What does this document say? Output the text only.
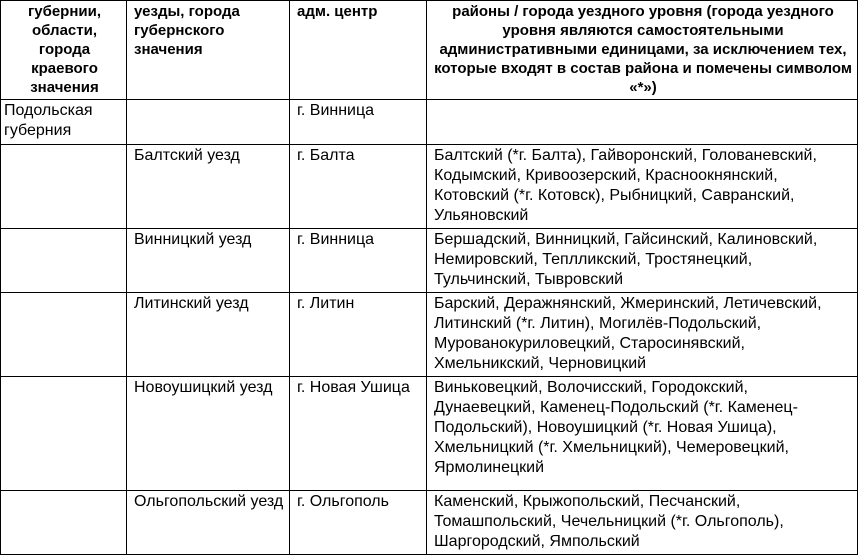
губернии, области, города краевого значения	уезды, города губернского значения	адм. центр	районы / города уездного уровня (города уездного уровня являются самостоятельными административными единицами, за исключением тех, которые входят в состав района и помечены символом «*»)
Подольская губерния		г. Винница	
	Балтский уезд	г. Балта	Балтский (*г. Балта), Гайворонский, Голованевский, Кодымский, Кривоозерский, Красноокнянский, Котовский (*г. Котовск), Рыбницкий, Савранский, Ульяновский
	Винницкий уезд	г. Винница	Бершадский, Винницкий, Гайсинский, Калиновский, Немировский, Теплликский, Тростянецкий, Тульчинский, Тывровский
	Литинский уезд	г. Литин	Барский, Деражнянский, Жмеринский, Летичевский, Литинский (*г. Литин), Могилёв-Подольский, Мурованокуриловецкий, Старосинявский, Хмельникский, Черновицкий
	Новоушицкий уезд	г. Новая Ушица	Виньковецкий, Волочисский, Городокский, Дунаевецкий, Каменец-Подольский (*г. Каменец-Подольский), Новоушицкий (*г. Новая Ушица), Хмельницкий (*г. Хмельницкий), Чемеровецкий, Ярмолинецкий
	Ольгопольский уезд	г. Ольгополь	Каменский, Крыжопольский, Песчанский, Томашпольский, Чечельницкий (*г. Ольгополь), Шаргородский, Ямпольский
